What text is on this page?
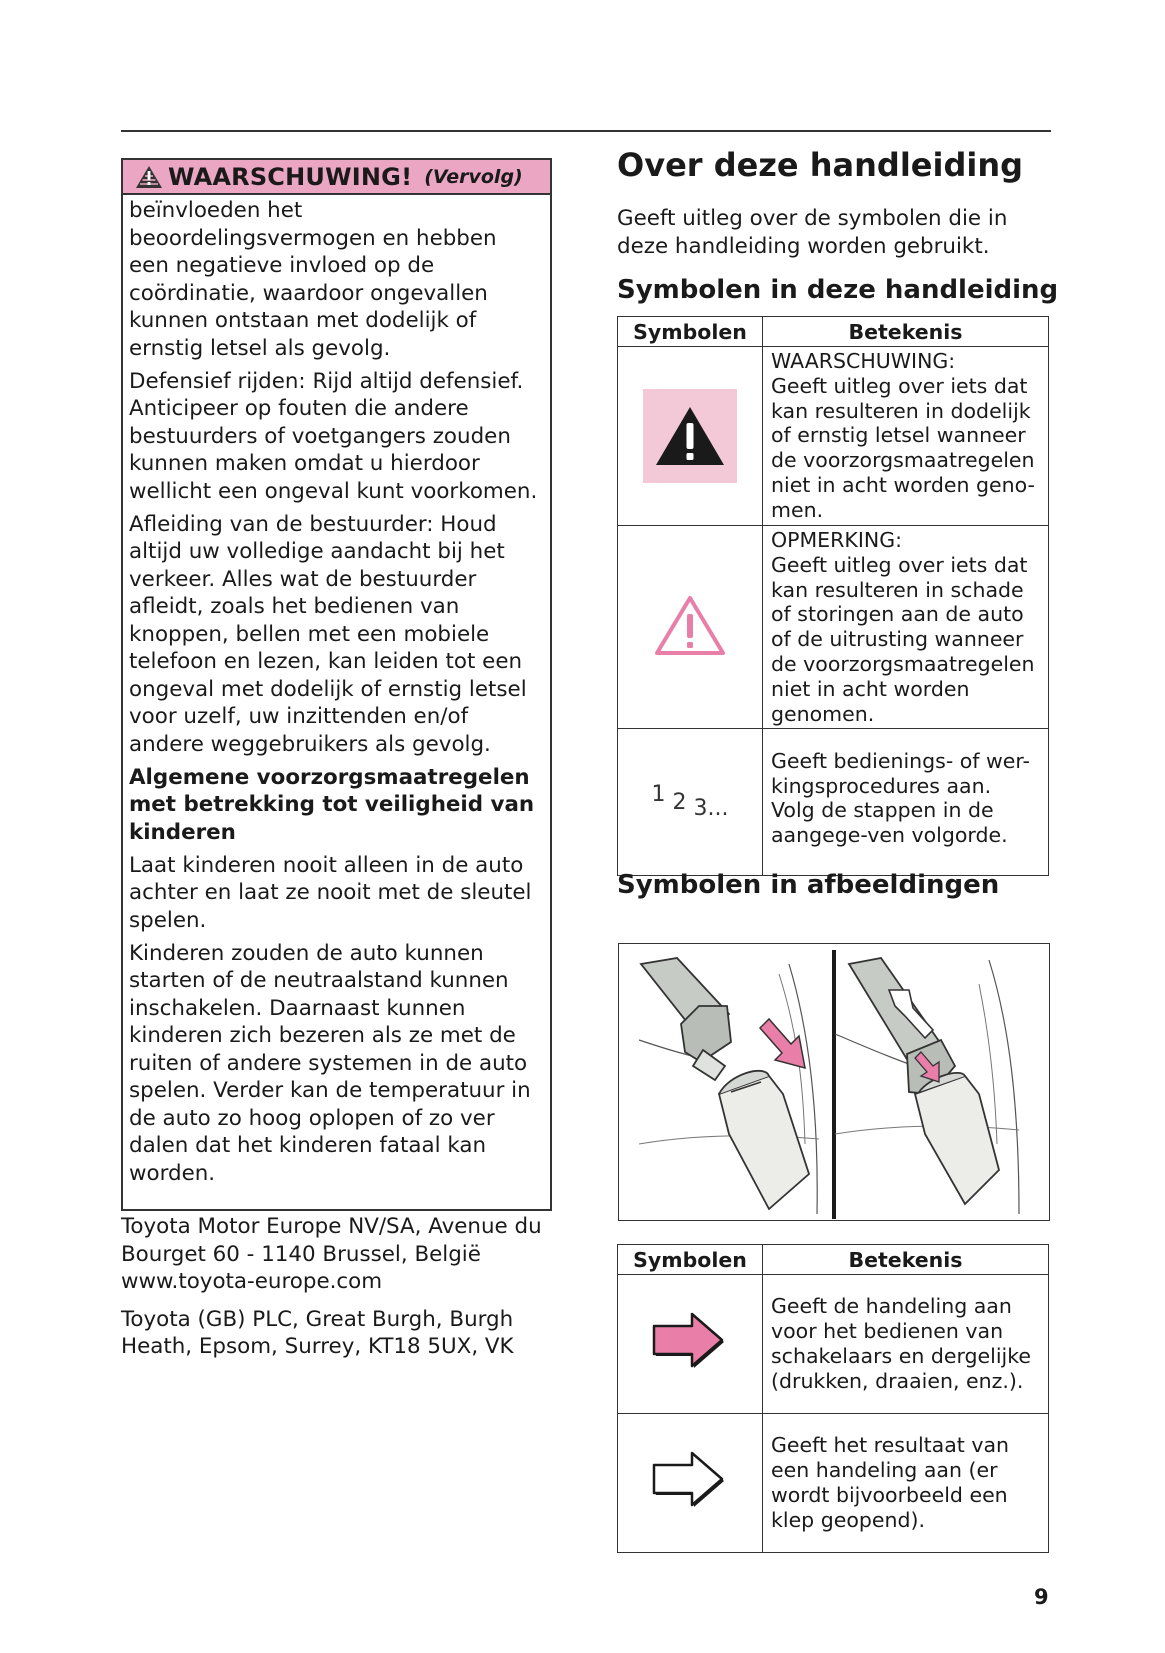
WAARSCHUWING! (Vervolg)

beïnvloeden het beoordelingsvermogen en hebben een negatieve invloed op de coördinatie, waardoor ongevallen kunnen ontstaan met dodelijk of ernstig letsel als gevolg.

Defensief rijden: Rijd altijd defensief. Anticipeer op fouten die andere bestuurders of voetgangers zouden kunnen maken omdat u hierdoor wellicht een ongeval kunt voorkomen.

Afleiding van de bestuurder: Houd altijd uw volledige aandacht bij het verkeer. Alles wat de bestuurder afleidt, zoals het bedienen van knoppen, bellen met een mobiele telefoon en lezen, kan leiden tot een ongeval met dodelijk of ernstig letsel voor uzelf, uw inzittenden en/of andere weggebruikers als gevolg.

Algemene voorzorgsmaatregelen met betrekking tot veiligheid van kinderen

Laat kinderen nooit alleen in de auto achter en laat ze nooit met de sleutel spelen.

Kinderen zouden de auto kunnen starten of de neutraalstand kunnen inschakelen. Daarnaast kunnen kinderen zich bezeren als ze met de ruiten of andere systemen in de auto spelen. Verder kan de temperatuur in de auto zo hoog oplopen of zo ver dalen dat het kinderen fataal kan worden.

Toyota Motor Europe NV/SA, Avenue du Bourget 60 - 1140 Brussel, België www.toyota-europe.com

Toyota (GB) PLC, Great Burgh, Burgh Heath, Epsom, Surrey, KT18 5UX, VK

Over deze handleiding
Geeft uitleg over de symbolen die in deze handleiding worden gebruikt.
Symbolen in deze handleiding
Symbolen	Betekenis

WAARSCHUWING:
Geeft uitleg over iets dat kan resulteren in dodelijk of ernstig letsel wanneer de voorzorgsmaatregelen niet in acht worden geno-men.

OPMERKING:
Geeft uitleg over iets dat kan resulteren in schade of storingen aan de auto of de uitrusting wanneer de voorzorgsmaatregelen niet in acht worden genomen.

1 2 3...	Geeft bedienings- of wer-kingsprocedures aan. Volg de stappen in de aangege-ven volgorde.
Symbolen in afbeeldingen
Symbolen	Betekenis

Geeft de handeling aan voor het bedienen van schakelaars en dergelijke (drukken, draaien, enz.).

Geeft het resultaat van een handeling aan (er wordt bijvoorbeeld een klep geopend).
9
